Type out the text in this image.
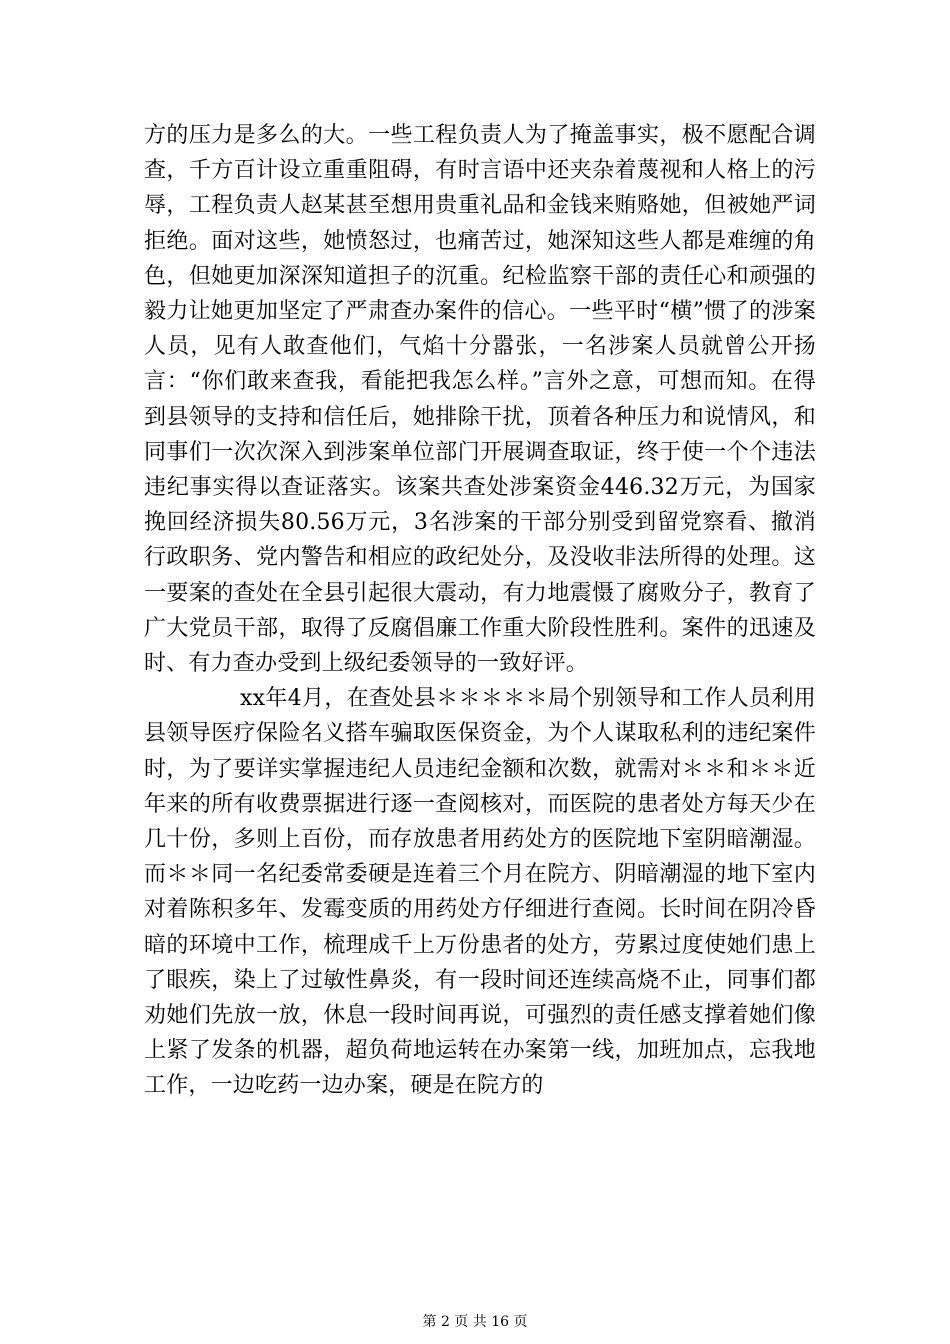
方的压力是多么的大。一些工程负责人为了掩盖事实，极不愿配合调查，千方百计设立重重阻碍，有时言语中还夹杂着蔑视和人格上的污辱，工程负责人赵某甚至想用贵重礼品和金钱来贿赂她，但被她严词拒绝。面对这些，她愤怒过，也痛苦过，她深知这些人都是难缠的角色，但她更加深深知道担子的沉重。纪检监察干部的责任心和顽强的毅力让她更加坚定了严肃查办案件的信心。一些平时“横”惯了的涉案人员，见有人敢查他们，气焰十分嚣张，一名涉案人员就曾公开扬言：“你们敢来查我，看能把我怎么样。”言外之意，可想而知。在得到县领导的支持和信任后，她排除干扰，顶着各种压力和说情风，和同事们一次次深入到涉案单位部门开展调查取证，终于使一个个违法违纪事实得以查证落实。该案共查处涉案资金446.32万元，为国家挽回经济损失80.56万元，3名涉案的干部分别受到留党察看、撤消行政职务、党内警告和相应的政纪处分，及没收非法所得的处理。这一要案的查处在全县引起很大震动，有力地震慑了腐败分子，教育了广大党员干部，取得了反腐倡廉工作重大阶段性胜利。案件的迅速及时、有力查办受到上级纪委领导的一致好评。

xx年4月，在查处县＊＊＊＊＊局个别领导和工作人员利用县领导医疗保险名义搭车骗取医保资金，为个人谋取私利的违纪案件时，为了要详实掌握违纪人员违纪金额和次数，就需对＊＊和＊＊近年来的所有收费票据进行逐一查阅核对，而医院的患者处方每天少在几十份，多则上百份，而存放患者用药处方的医院地下室阴暗潮湿。而＊＊同一名纪委常委硬是连着三个月在院方、阴暗潮湿的地下室内对着陈积多年、发霉变质的用药处方仔细进行查阅。长时间在阴冷昏暗的环境中工作，梳理成千上万份患者的处方，劳累过度使她们患上了眼疾，染上了过敏性鼻炎，有一段时间还连续高烧不止，同事们都劝她们先放一放，休息一段时间再说，可强烈的责任感支撑着她们像上紧了发条的机器，超负荷地运转在办案第一线，加班加点，忘我地工作，一边吃药一边办案，硬是在院方的

第 2 页 共 16 页
